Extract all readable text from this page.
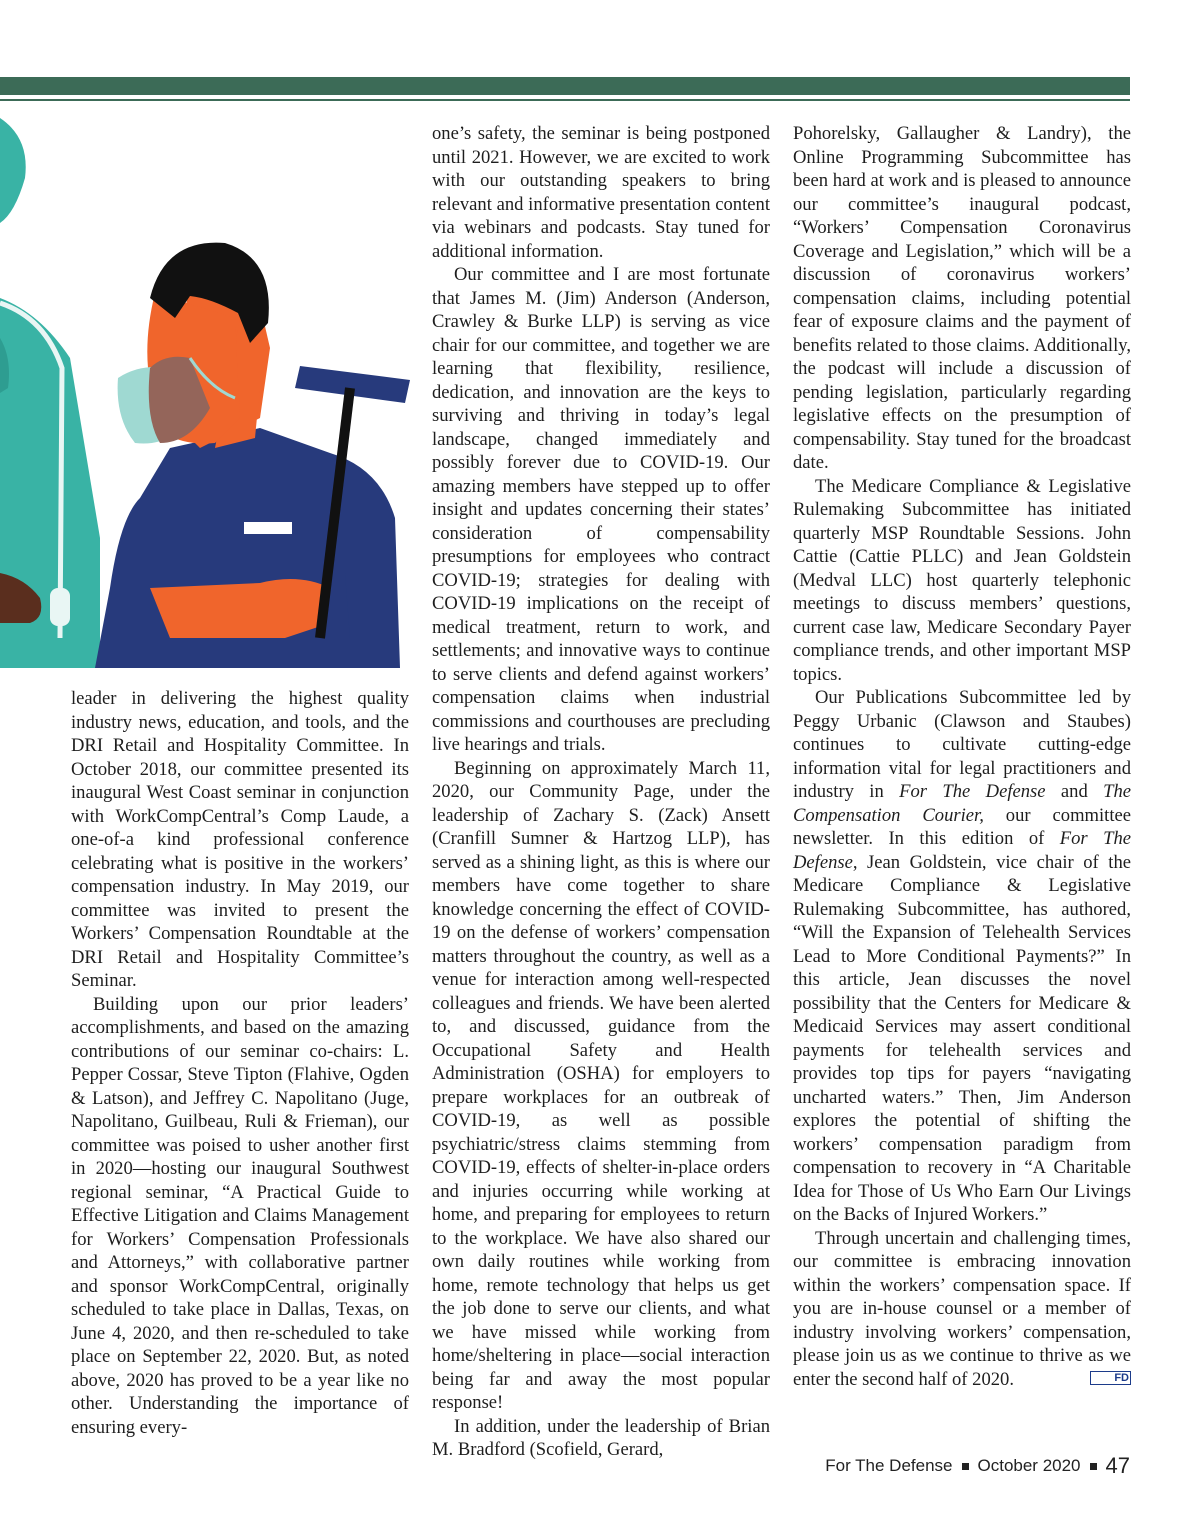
leader in delivering the highest quality industry news, education, and tools, and the DRI Retail and Hospitality Committee. In October 2018, our committee presented its inaugural West Coast seminar in conjunction with WorkCompCentral’s Comp Laude, a one-of-a kind professional conference celebrating what is positive in the workers’ compensation industry. In May 2019, our committee was invited to present the Workers’ Compensation Roundtable at the DRI Retail and Hospitality Committee’s Seminar.

Building upon our prior leaders’ accomplishments, and based on the amazing contributions of our seminar co-chairs: L. Pepper Cossar, Steve Tipton (Flahive, Ogden & Latson), and Jeffrey C. Napolitano (Juge, Napolitano, Guilbeau, Ruli & Frieman), our committee was poised to usher another first in 2020—hosting our inaugural Southwest regional seminar, “A Practical Guide to Effective Litigation and Claims Management for Workers’ Compensation Professionals and Attorneys,” with collaborative partner and sponsor WorkCompCentral, originally scheduled to take place in Dallas, Texas, on June 4, 2020, and then re-scheduled to take place on September 22, 2020. But, as noted above, 2020 has proved to be a year like no other. Understanding the importance of ensuring every-

one’s safety, the seminar is being postponed until 2021. However, we are excited to work with our outstanding speakers to bring relevant and informative presentation content via webinars and podcasts. Stay tuned for additional information.

Our committee and I are most fortunate that James M. (Jim) Anderson (Anderson, Crawley & Burke LLP) is serving as vice chair for our committee, and together we are learning that flexibility, resilience, dedication, and innovation are the keys to surviving and thriving in today’s legal landscape, changed immediately and possibly forever due to COVID-19. Our amazing members have stepped up to offer insight and updates concerning their states’ consideration of compensability presumptions for employees who contract COVID-19; strategies for dealing with COVID-19 implications on the receipt of medical treatment, return to work, and settlements; and innovative ways to continue to serve clients and defend against workers’ compensation claims when industrial commissions and courthouses are precluding live hearings and trials.

Beginning on approximately March 11, 2020, our Community Page, under the leadership of Zachary S. (Zack) Ansett (Cranfill Sumner & Hartzog LLP), has served as a shining light, as this is where our members have come together to share knowledge concerning the effect of COVID-19 on the defense of workers’ compensation matters throughout the country, as well as a venue for interaction among well-respected colleagues and friends. We have been alerted to, and discussed, guidance from the Occupational Safety and Health Administration (OSHA) for employers to prepare workplaces for an outbreak of COVID-19, as well as possible psychiatric/stress claims stemming from COVID-19, effects of shelter-in-place orders and injuries occurring while working at home, and preparing for employees to return to the workplace. We have also shared our own daily routines while working from home, remote technology that helps us get the job done to serve our clients, and what we have missed while working from home/sheltering in place—social interaction being far and away the most popular response!

In addition, under the leadership of Brian M. Bradford (Scofield, Gerard,

Pohorelsky, Gallaugher & Landry), the Online Programming Subcommittee has been hard at work and is pleased to announce our committee’s inaugural podcast, “Workers’ Compensation Coronavirus Coverage and Legislation,” which will be a discussion of coronavirus workers’ compensation claims, including potential fear of exposure claims and the payment of benefits related to those claims. Additionally, the podcast will include a discussion of pending legislation, particularly regarding legislative effects on the presumption of compensability. Stay tuned for the broadcast date.

The Medicare Compliance & Legislative Rulemaking Subcommittee has initiated quarterly MSP Roundtable Sessions. John Cattie (Cattie PLLC) and Jean Goldstein (Medval LLC) host quarterly telephonic meetings to discuss members’ questions, current case law, Medicare Secondary Payer compliance trends, and other important MSP topics.

Our Publications Subcommittee led by Peggy Urbanic (Clawson and Staubes) continues to cultivate cutting-edge information vital for legal practitioners and industry in For The Defense and The Compensation Courier, our committee newsletter. In this edition of For The Defense, Jean Goldstein, vice chair of the Medicare Compliance & Legislative Rulemaking Subcommittee, has authored, “Will the Expansion of Telehealth Services Lead to More Conditional Payments?” In this article, Jean discusses the novel possibility that the Centers for Medicare & Medicaid Services may assert conditional payments for telehealth services and provides top tips for payers “navigating uncharted waters.” Then, Jim Anderson explores the potential of shifting the workers’ compensation paradigm from compensation to recovery in “A Charitable Idea for Those of Us Who Earn Our Livings on the Backs of Injured Workers.”

Through uncertain and challenging times, our committee is embracing innovation within the workers’ compensation space. If you are in-house counsel or a member of industry involving workers’ compensation, please join us as we continue to thrive as we enter the second half of 2020.	FD

For The Defense October 2020 47
